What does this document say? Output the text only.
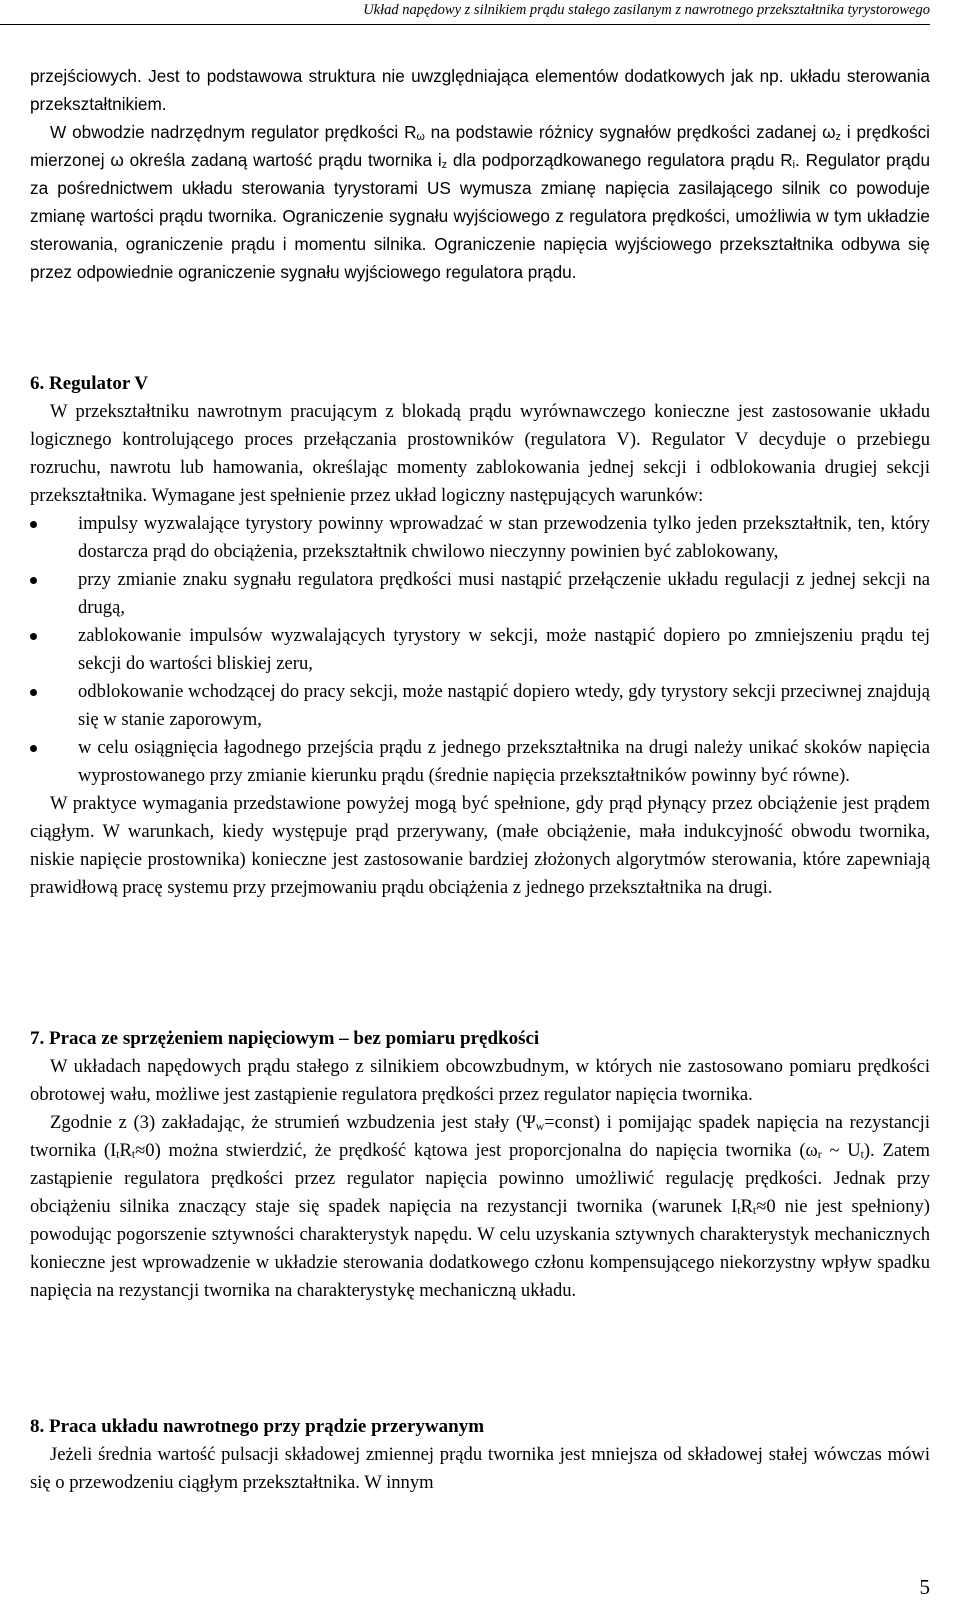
Układ napędowy z silnikiem prądu stałego zasilanym z nawrotnego przekształtnika tyrystorowego

przejściowych. Jest to podstawowa struktura nie uwzględniająca elementów dodatkowych jak np. układu sterowania przekształtnikiem.

W obwodzie nadrzędnym regulator prędkości $R_\omega$ na podstawie różnicy sygnałów prędkości zadanej $\omega_z$ i prędkości mierzonej ω określa zadaną wartość prądu twornika $i_z$ dla podporządkowanego regulatora prądu $R_i$. Regulator prądu za pośrednictwem układu sterowania tyrystorami US wymusza zmianę napięcia zasilającego silnik co powoduje zmianę wartości prądu twornika. Ograniczenie sygnału wyjściowego z regulatora prędkości, umożliwia w tym układzie sterowania, ograniczenie prądu i momentu silnika. Ograniczenie napięcia wyjściowego przekształtnika odbywa się przez odpowiednie ograniczenie sygnału wyjściowego regulatora prądu.

6. Regulator V

W przekształtniku nawrotnym pracującym z blokadą prądu wyrównawczego konieczne jest zastosowanie układu logicznego kontrolującego proces przełączania prostowników (regulatora V). Regulator V decyduje o przebiegu rozruchu, nawrotu lub hamowania, określając momenty zablokowania jednej sekcji i odblokowania drugiej sekcji przekształtnika. Wymagane jest spełnienie przez układ logiczny następujących warunków:

impulsy wyzwalające tyrystory powinny wprowadzać w stan przewodzenia tylko jeden przekształtnik, ten, który dostarcza prąd do obciążenia, przekształtnik chwilowo nieczynny powinien być zablokowany,
przy zmianie znaku sygnału regulatora prędkości musi nastąpić przełączenie układu regulacji z jednej sekcji na drugą,
zablokowanie impulsów wyzwalających tyrystory w sekcji, może nastąpić dopiero po zmniejszeniu prądu tej sekcji do wartości bliskiej zeru,
odblokowanie wchodzącej do pracy sekcji, może nastąpić dopiero wtedy, gdy tyrystory sekcji przeciwnej znajdują się w stanie zaporowym,
w celu osiągnięcia łagodnego przejścia prądu z jednego przekształtnika na drugi należy unikać skoków napięcia wyprostowanego przy zmianie kierunku prądu (średnie napięcia przekształtników powinny być równe).

W praktyce wymagania przedstawione powyżej mogą być spełnione, gdy prąd płynący przez obciążenie jest prądem ciągłym. W warunkach, kiedy występuje prąd przerywany, (małe obciążenie, mała indukcyjność obwodu twornika, niskie napięcie prostownika) konieczne jest zastosowanie bardziej złożonych algorytmów sterowania, które zapewniają prawidłową pracę systemu przy przejmowaniu prądu obciążenia z jednego przekształtnika na drugi.

7. Praca ze sprzężeniem napięciowym – bez pomiaru prędkości

W układach napędowych prądu stałego z silnikiem obcowzbudnym, w których nie zastosowano pomiaru prędkości obrotowej wału, możliwe jest zastąpienie regulatora prędkości przez regulator napięcia twornika.

Zgodnie z (3) zakładając, że strumień wzbudzenia jest stały $(\Psi_w=const)$ i pomijając spadek napięcia na rezystancji twornika $(I_tR_t\approx 0)$ można stwierdzić, że prędkość kątowa jest proporcjonalna do napięcia twornika ($\omega_r$ ~ $U_t$). Zatem zastąpienie regulatora prędkości przez regulator napięcia powinno umożliwić regulację prędkości. Jednak przy obciążeniu silnika znaczący staje się spadek napięcia na rezystancji twornika (warunek $I_tR_t\approx 0$ nie jest spełniony) powodując pogorszenie sztywności charakterystyk napędu. W celu uzyskania sztywnych charakterystyk mechanicznych konieczne jest wprowadzenie w układzie sterowania dodatkowego członu kompensującego niekorzystny wpływ spadku napięcia na rezystancji twornika na charakterystykę mechaniczną układu.

8. Praca układu nawrotnego przy prądzie przerywanym

Jeżeli średnia wartość pulsacji składowej zmiennej prądu twornika jest mniejsza od składowej stałej wówczas mówi się o przewodzeniu ciągłym przekształtnika. W innym

5
